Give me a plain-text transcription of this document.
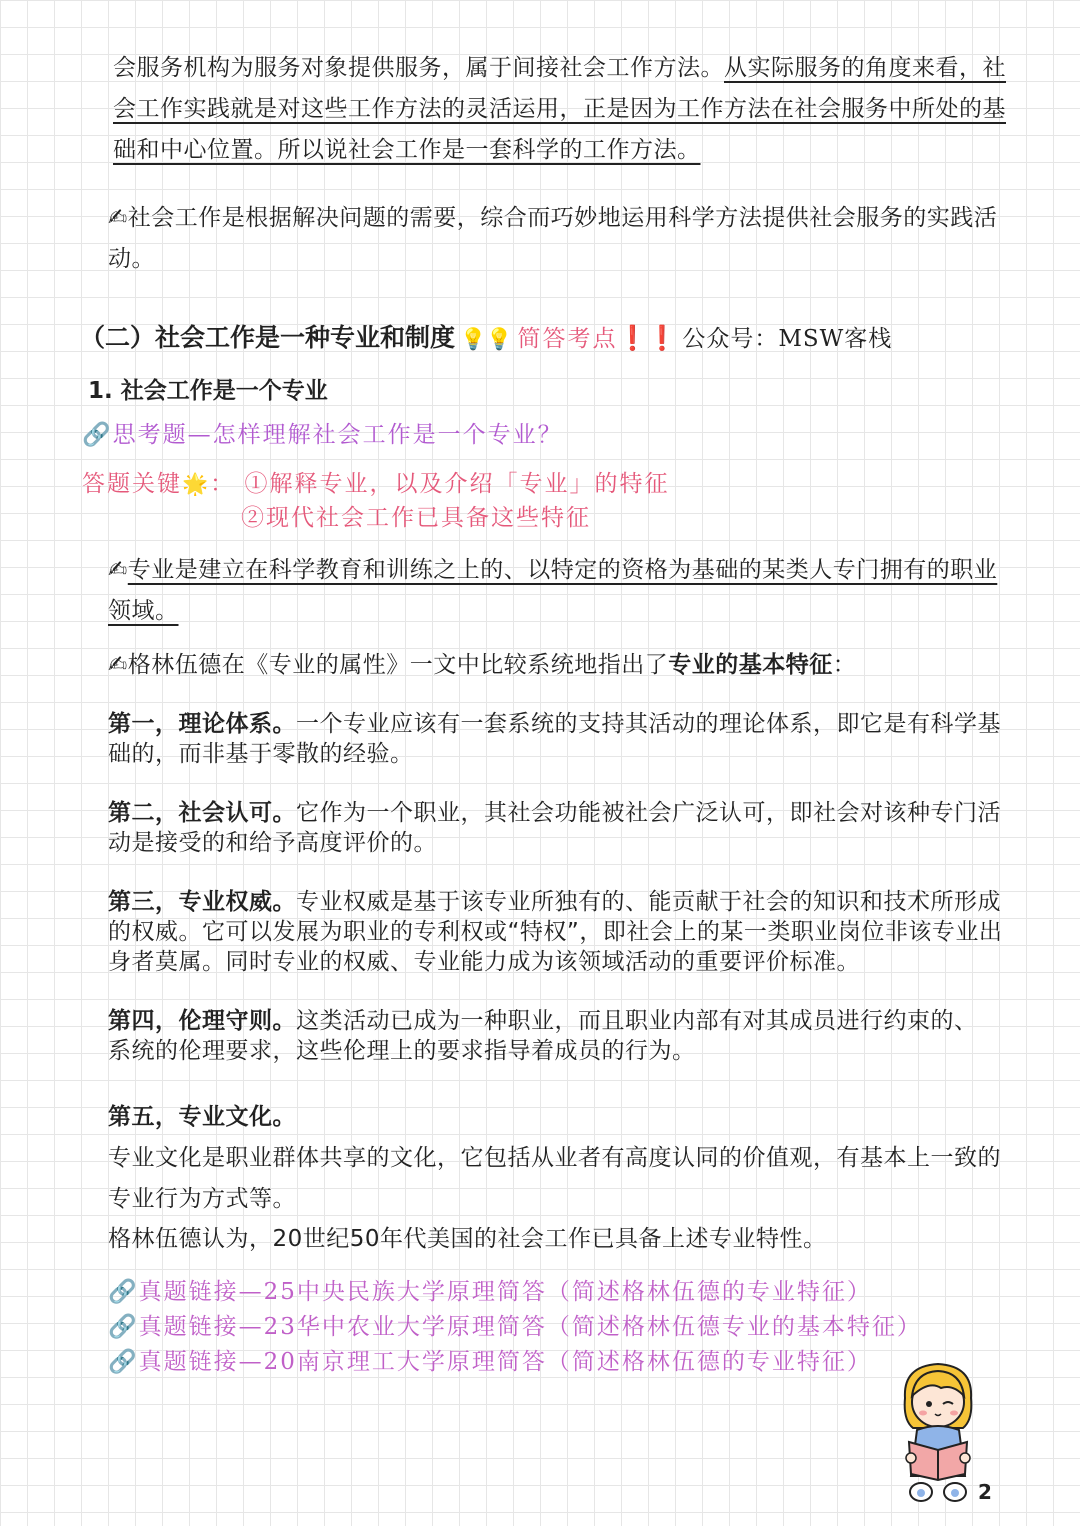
会服务机构为服务对象提供服务，属于间接社会工作方法。从实际服务的角度来看，社会工作实践就是对这些工作方法的灵活运用，正是因为工作方法在社会服务中所处的基础和中心位置。所以说社会工作是一套科学的工作方法。

✍社会工作是根据解决问题的需要，综合而巧妙地运用科学方法提供社会服务的实践活动。

（二）社会工作是一种专业和制度 💡💡 简答考点❗❗ 公众号：MSW客栈
1. 社会工作是一个专业
🔗思考题—怎样理解社会工作是一个专业？
答题关键🌟： ①解释专业，以及介绍「专业」的特征
②现代社会工作已具备这些特征

✍专业是建立在科学教育和训练之上的、以特定的资格为基础的某类人专门拥有的职业领域。

✍格林伍德在《专业的属性》一文中比较系统地指出了专业的基本特征：

第一，理论体系。一个专业应该有一套系统的支持其活动的理论体系，即它是有科学基础的，而非基于零散的经验。

第二，社会认可。它作为一个职业，其社会功能被社会广泛认可，即社会对该种专门活动是接受的和给予高度评价的。

第三，专业权威。专业权威是基于该专业所独有的、能贡献于社会的知识和技术所形成的权威。它可以发展为职业的专利权或“特权”，即社会上的某一类职业岗位非该专业出身者莫属。同时专业的权威、专业能力成为该领域活动的重要评价标准。

第四，伦理守则。这类活动已成为一种职业，而且职业内部有对其成员进行约束的、系统的伦理要求，这些伦理上的要求指导着成员的行为。

第五，专业文化。

专业文化是职业群体共享的文化，它包括从业者有高度认同的价值观，有基本上一致的专业行为方式等。

格林伍德认为，20世纪50年代美国的社会工作已具备上述专业特性。

🔗真题链接—25中央民族大学原理简答（简述格林伍德的专业特征）
🔗真题链接—23华中农业大学原理简答（简述格林伍德专业的基本特征）
🔗真题链接—20南京理工大学原理简答（简述格林伍德的专业特征）
2
